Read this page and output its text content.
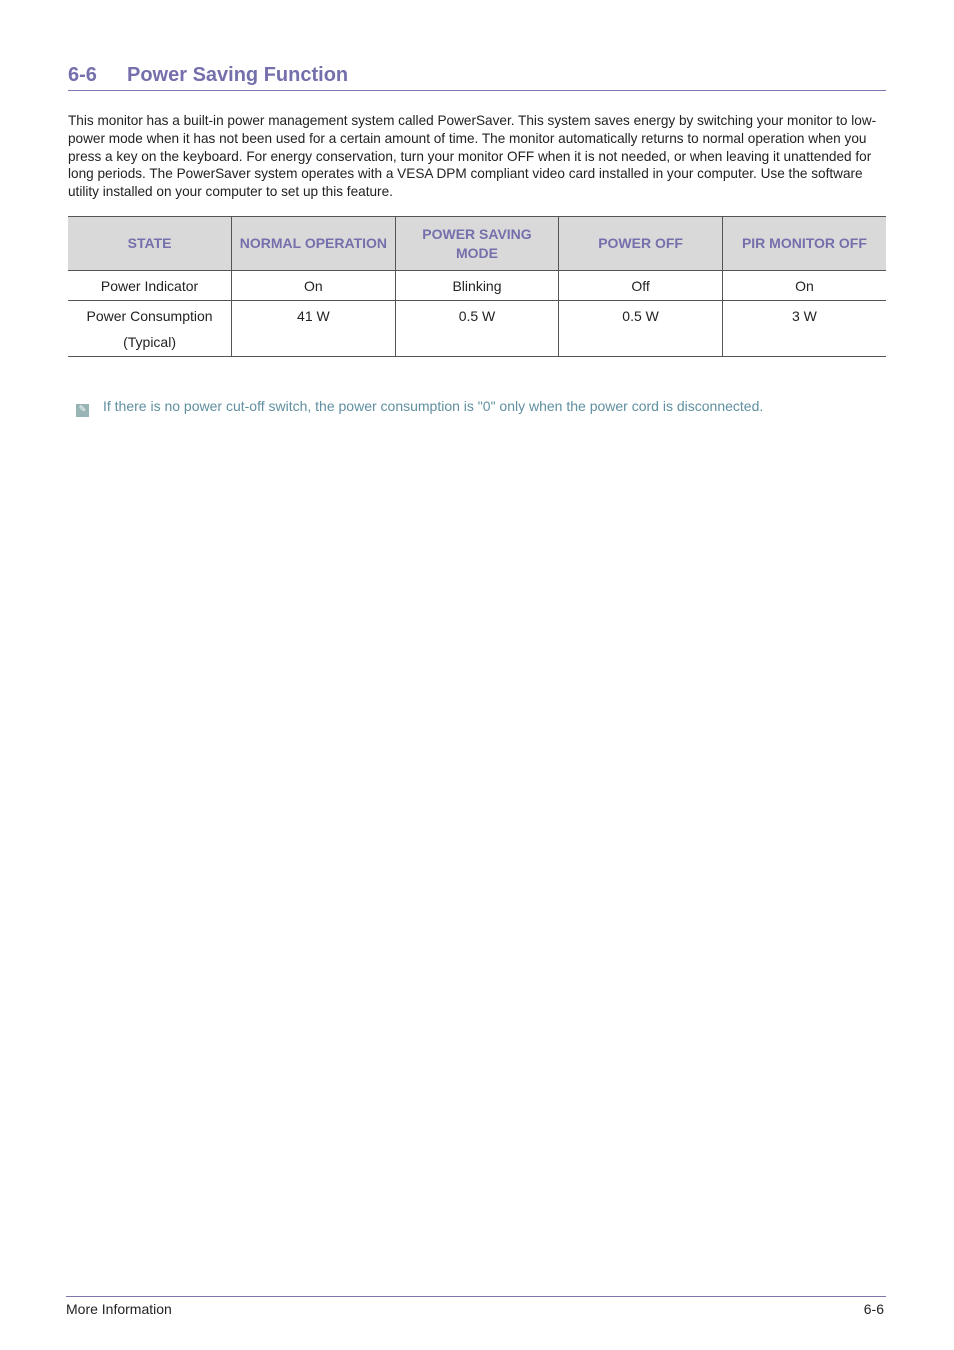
6-6 Power Saving Function
This monitor has a built-in power management system called PowerSaver. This system saves energy by switching your monitor to low-power mode when it has not been used for a certain amount of time. The monitor automatically returns to normal operation when you press a key on the keyboard. For energy conservation, turn your monitor OFF when it is not needed, or when leaving it unattended for long periods. The PowerSaver system operates with a VESA DPM compliant video card installed in your computer. Use the software utility installed on your computer to set up this feature.
STATE	NORMAL OPERATION	POWER SAVING MODE	POWER OFF	PIR MONITOR OFF
Power Indicator	On	Blinking	Off	On
Power Consumption (Typical)	41 W	0.5 W	0.5 W	3 W
✎ If there is no power cut-off switch, the power consumption is "0" only when the power cord is disconnected.
More Information	6-6
